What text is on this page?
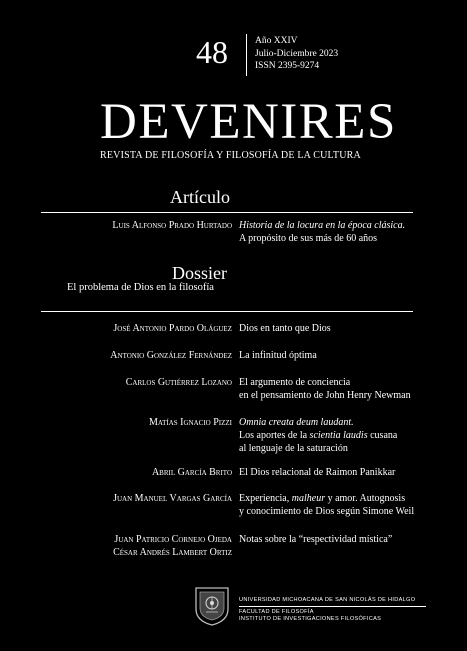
48	Año XXIV
Julio-Diciembre 2023
ISSN 2395-9274
DEVENIRES
REVISTA DE FILOSOFÍA Y FILOSOFÍA DE LA CULTURA
Artículo
Luis Alfonso Prado Hurtado Historia de la locura en la época clásica.
A propósito de sus más de 60 años
Dossier
El problema de Dios en la filosofía
José Antonio Pardo Oláguez Dios en tanto que Dios
Antonio González Fernández La infinitud óptima
Carlos Gutiérrez Lozano El argumento de conciencia
en el pensamiento de John Henry Newman
Matías Ignacio Pizzi Omnia creata deum laudant.
Los aportes de la scientia laudis cusana
al lenguaje de la saturación
Abril García Brito El Dios relacional de Raimon Panikkar
Juan Manuel Vargas García Experiencia, malheur y amor. Autognosis
y conocimiento de Dios según Simone Weil
Juan Patricio Cornejo Ojeda
César Andrés Lambert Ortiz
Notas sobre la “respectividad mística”
UNIVERSIDAD MICHOACANA DE SAN NICOLÁS DE HIDALGO
FACULTAD DE FILOSOFÍA
INSTITUTO DE INVESTIGACIONES FILOSÓFICAS
